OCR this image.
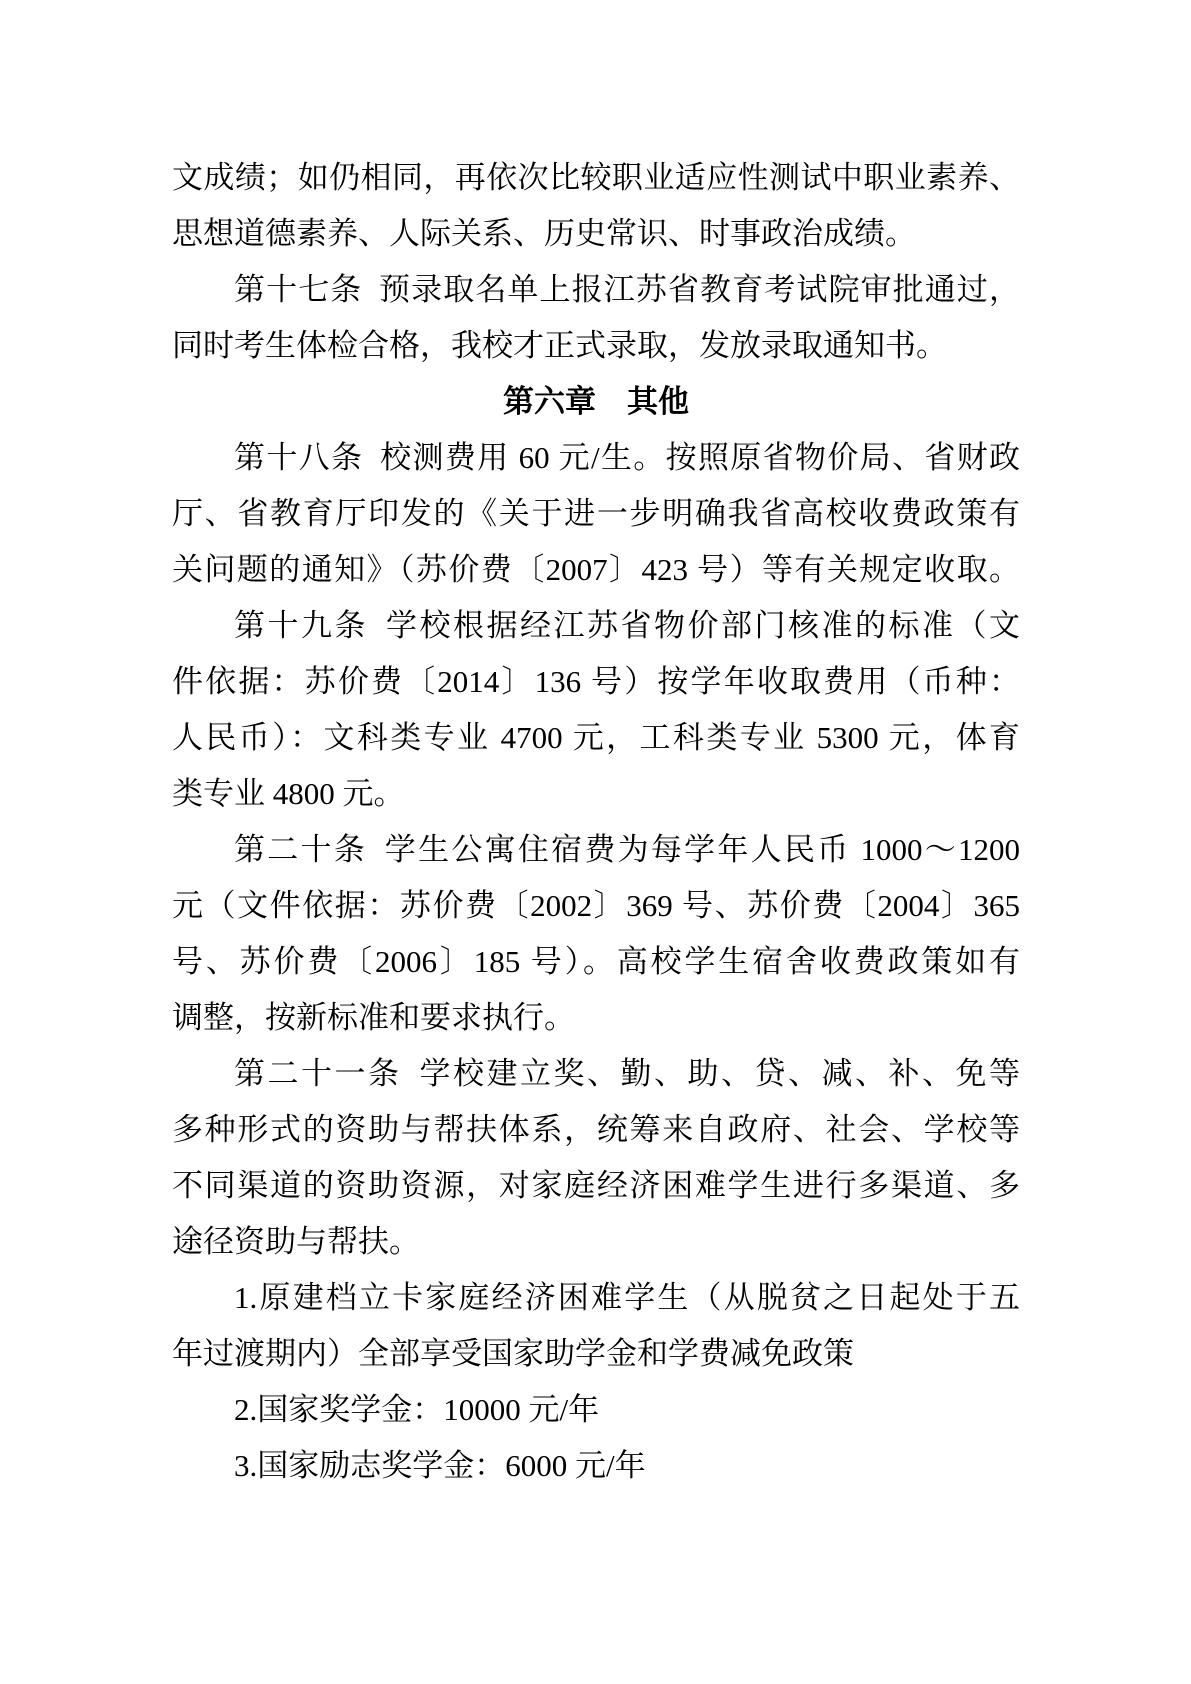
文成绩；如仍相同，再依次比较职业适应性测试中职业素养、
思想道德素养、人际关系、历史常识、时事政治成绩。
第十七条 预录取名单上报江苏省教育考试院审批通过，
同时考生体检合格，我校才正式录取，发放录取通知书。
第六章　其他
第十八条 校测费用 60 元/生。按照原省物价局、省财政
厅、省教育厅印发的《关于进一步明确我省高校收费政策有
关问题的通知》（苏价费〔2007〕423 号）等有关规定收取。
第十九条 学校根据经江苏省物价部门核准的标准（文
件依据：苏价费〔2014〕136 号）按学年收取费用（币种：
人民币）：文科类专业 4700 元，工科类专业 5300 元，体育
类专业 4800 元。
第二十条 学生公寓住宿费为每学年人民币 1000～1200
元（文件依据：苏价费〔2002〕369 号、苏价费〔2004〕365
号、苏价费〔2006〕185 号）。高校学生宿舍收费政策如有
调整，按新标准和要求执行。
第二十一条 学校建立奖、勤、助、贷、减、补、免等
多种形式的资助与帮扶体系，统筹来自政府、社会、学校等
不同渠道的资助资源，对家庭经济困难学生进行多渠道、多
途径资助与帮扶。
1.原建档立卡家庭经济困难学生（从脱贫之日起处于五
年过渡期内）全部享受国家助学金和学费减免政策
2.国家奖学金：10000 元/年
3.国家励志奖学金：6000 元/年
